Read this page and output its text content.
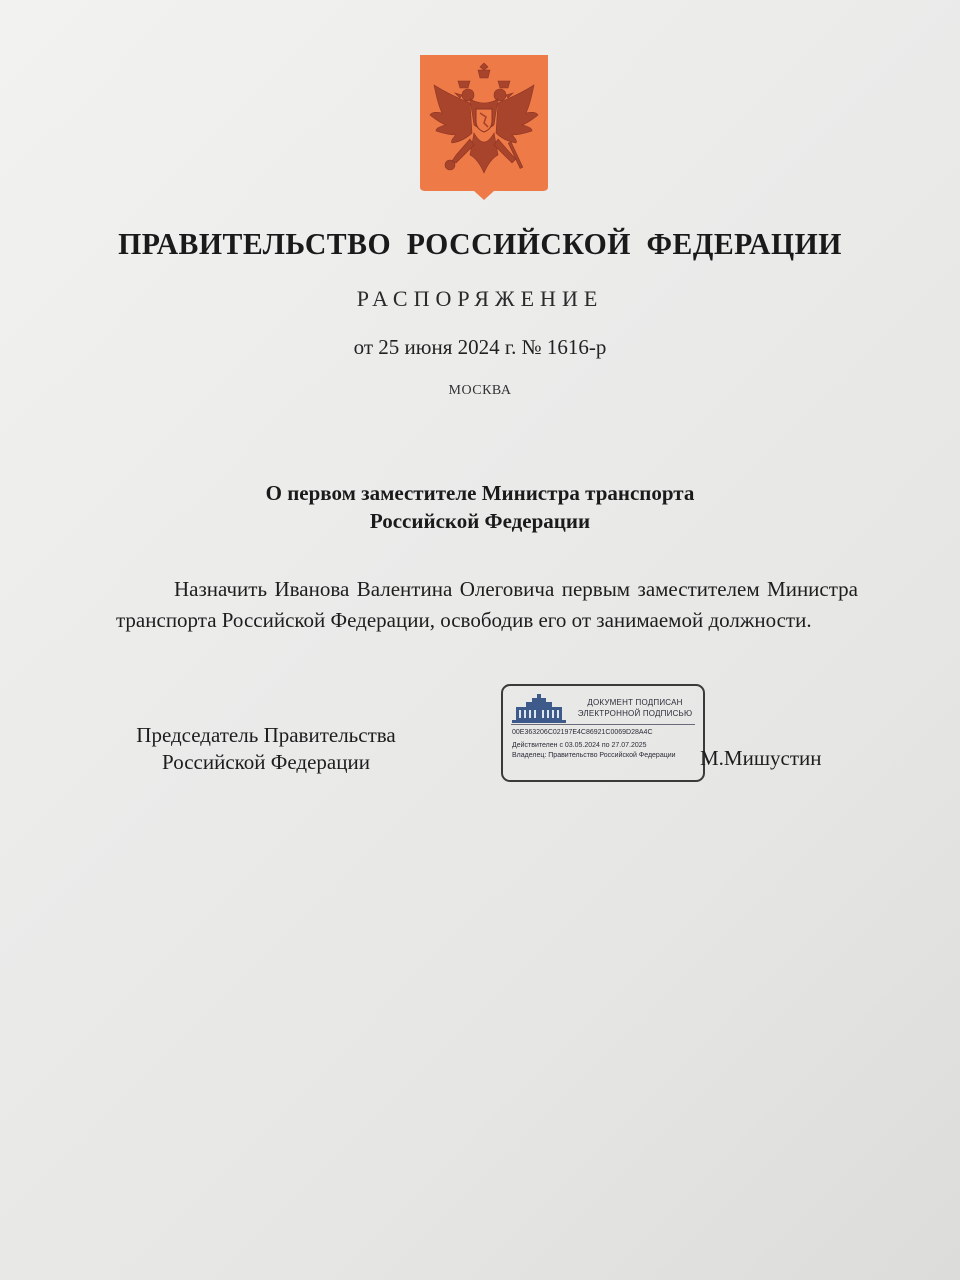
ПРАВИТЕЛЬСТВО РОССИЙСКОЙ ФЕДЕРАЦИИ
РАСПОРЯЖЕНИЕ
от 25 июня 2024 г. № 1616-р
МОСКВА
О первом заместителе Министра транспорта
Российской Федерации
Назначить Иванова Валентина Олеговича первым заместителем Министра транспорта Российской Федерации, освободив его от занимаемой должности.
Председатель Правительства
Российской Федерации
ДОКУМЕНТ ПОДПИСАН
ЭЛЕКТРОННОЙ ПОДПИСЬЮ
00E363206C02197E4C86921C0069D28A4C
Действителен с 03.05.2024 по 27.07.2025
Владелец: Правительство Российской Федерации	М.Мишустин
